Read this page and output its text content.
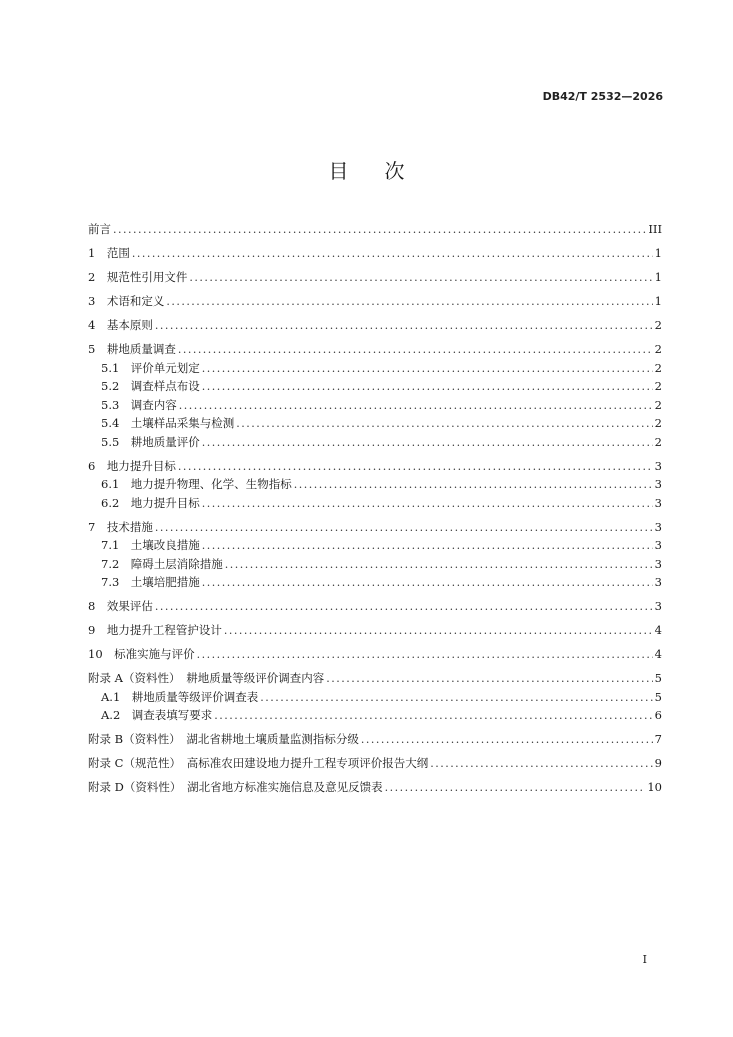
DB42/T 2532—2026
目次
前言 .....	III
1　范围 .....	1
2　规范性引用文件 .....	1
3　术语和定义 .....	1
4　基本原则 .....	2
5　耕地质量调查 .....	2
5.1　评价单元划定 .....	2
5.2　调查样点布设 .....	2
5.3　调查内容 .....	2
5.4　土壤样品采集与检测 .....	2
5.5　耕地质量评价 .....	2
6　地力提升目标 .....	3
6.1　地力提升物理、化学、生物指标 .....	3
6.2　地力提升目标 .....	3
7　技术措施 .....	3
7.1　土壤改良措施 .....	3
7.2　障碍土层消除措施 .....	3
7.3　土壤培肥措施 .....	3
8　效果评估 .....	3
9　地力提升工程管护设计 .....	4
10　标准实施与评价 .....	4
附录 A（资料性）　耕地质量等级评价调查内容 .....	5
A.1　耕地质量等级评价调查表 .....	5
A.2　调查表填写要求 .....	6
附录 B（资料性）　湖北省耕地土壤质量监测指标分级 .....	7
附录 C（规范性）　高标准农田建设地力提升工程专项评价报告大纲 .....	9
附录 D（资料性）　湖北省地方标准实施信息及意见反馈表 .....	10
I
